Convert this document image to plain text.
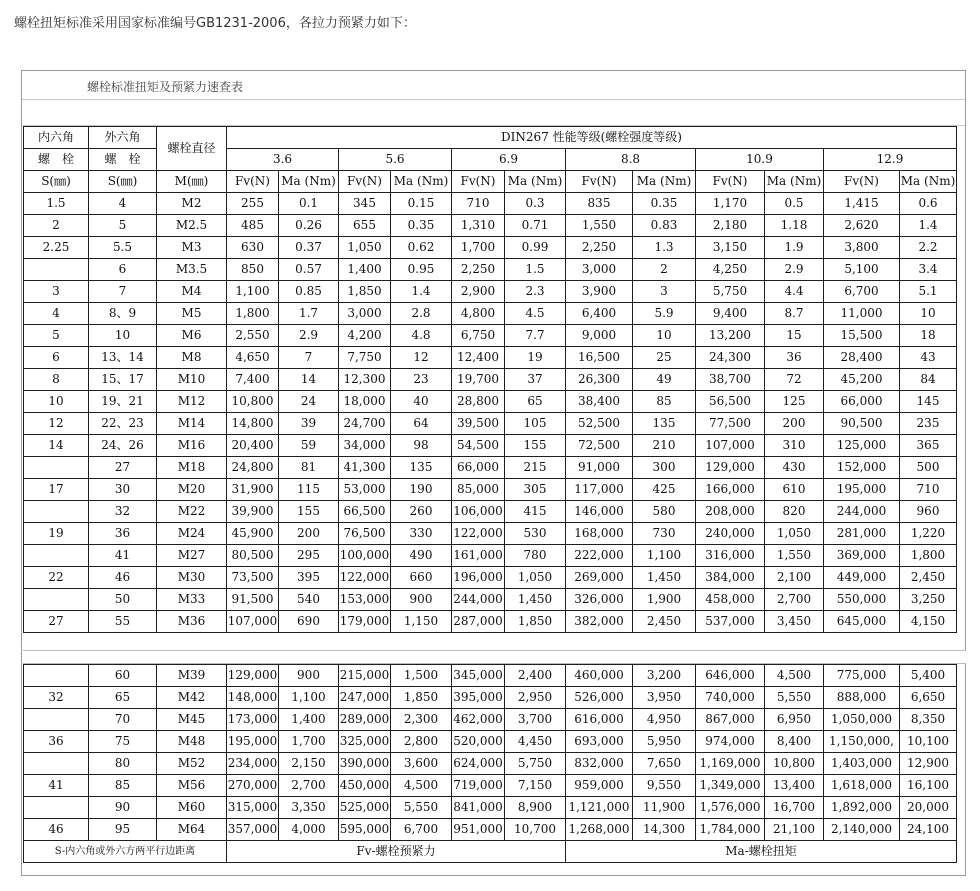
螺栓扭矩标准采用国家标准编号GB1231-2006，各拉力预紧力如下：
螺栓标准扭矩及预紧力速查表
内六角	外六角	螺栓直径	DIN267 性能等级(螺栓强度等级)											
螺　栓	螺　栓		3.6		5.6		6.9		8.8		10.9		12.9	
S(㎜)	S(㎜)	M(㎜)	Fv(N)	Ma (Nm)	Fv(N)	Ma (Nm)	Fv(N)	Ma (Nm)	Fv(N)	Ma (Nm)	Fv(N)	Ma (Nm)	Fv(N)	Ma (Nm)
1.5	4	M2	255	0.1	345	0.15	710	0.3	835	0.35	1,170	0.5	1,415	0.6
2	5	M2.5	485	0.26	655	0.35	1,310	0.71	1,550	0.83	2,180	1.18	2,620	1.4
2.25	5.5	M3	630	0.37	1,050	0.62	1,700	0.99	2,250	1.3	3,150	1.9	3,800	2.2
	6	M3.5	850	0.57	1,400	0.95	2,250	1.5	3,000	2	4,250	2.9	5,100	3.4
3	7	M4	1,100	0.85	1,850	1.4	2,900	2.3	3,900	3	5,750	4.4	6,700	5.1
4	8、9	M5	1,800	1.7	3,000	2.8	4,800	4.5	6,400	5.9	9,400	8.7	11,000	10
5	10	M6	2,550	2.9	4,200	4.8	6,750	7.7	9,000	10	13,200	15	15,500	18
6	13、14	M8	4,650	7	7,750	12	12,400	19	16,500	25	24,300	36	28,400	43
8	15、17	M10	7,400	14	12,300	23	19,700	37	26,300	49	38,700	72	45,200	84
10	19、21	M12	10,800	24	18,000	40	28,800	65	38,400	85	56,500	125	66,000	145
12	22、23	M14	14,800	39	24,700	64	39,500	105	52,500	135	77,500	200	90,500	235
14	24、26	M16	20,400	59	34,000	98	54,500	155	72,500	210	107,000	310	125,000	365
	27	M18	24,800	81	41,300	135	66,000	215	91,000	300	129,000	430	152,000	500
17	30	M20	31,900	115	53,000	190	85,000	305	117,000	425	166,000	610	195,000	710
	32	M22	39,900	155	66,500	260	106,000	415	146,000	580	208,000	820	244,000	960
19	36	M24	45,900	200	76,500	330	122,000	530	168,000	730	240,000	1,050	281,000	1,220
	41	M27	80,500	295	100,000	490	161,000	780	222,000	1,100	316,000	1,550	369,000	1,800
22	46	M30	73,500	395	122,000	660	196,000	1,050	269,000	1,450	384,000	2,100	449,000	2,450
	50	M33	91,500	540	153,000	900	244,000	1,450	326,000	1,900	458,000	2,700	550,000	3,250
27	55	M36	107,000	690	179,000	1,150	287,000	1,850	382,000	2,450	537,000	3,450	645,000	4,150
	60	M39	129,000	900	215,000	1,500	345,000	2,400	460,000	3,200	646,000	4,500	775,000	5,400
32	65	M42	148,000	1,100	247,000	1,850	395,000	2,950	526,000	3,950	740,000	5,550	888,000	6,650
	70	M45	173,000	1,400	289,000	2,300	462,000	3,700	616,000	4,950	867,000	6,950	1,050,000	8,350
36	75	M48	195,000	1,700	325,000	2,800	520,000	4,450	693,000	5,950	974,000	8,400	1,150,000,	10,100
	80	M52	234,000	2,150	390,000	3,600	624,000	5,750	832,000	7,650	1,169,000	10,800	1,403,000	12,900
41	85	M56	270,000	2,700	450,000	4,500	719,000	7,150	959,000	9,550	1,349,000	13,400	1,618,000	16,100
	90	M60	315,000	3,350	525,000	5,550	841,000	8,900	1,121,000	11,900	1,576,000	16,700	1,892,000	20,000
46	95	M64	357,000	4,000	595,000	6,700	951,000	10,700	1,268,000	14,300	1,784,000	21,100	2,140,000	24,100
S-内六角或外六方两平行边距离			Fv-螺栓预紧力						Ma-螺栓扭矩					
